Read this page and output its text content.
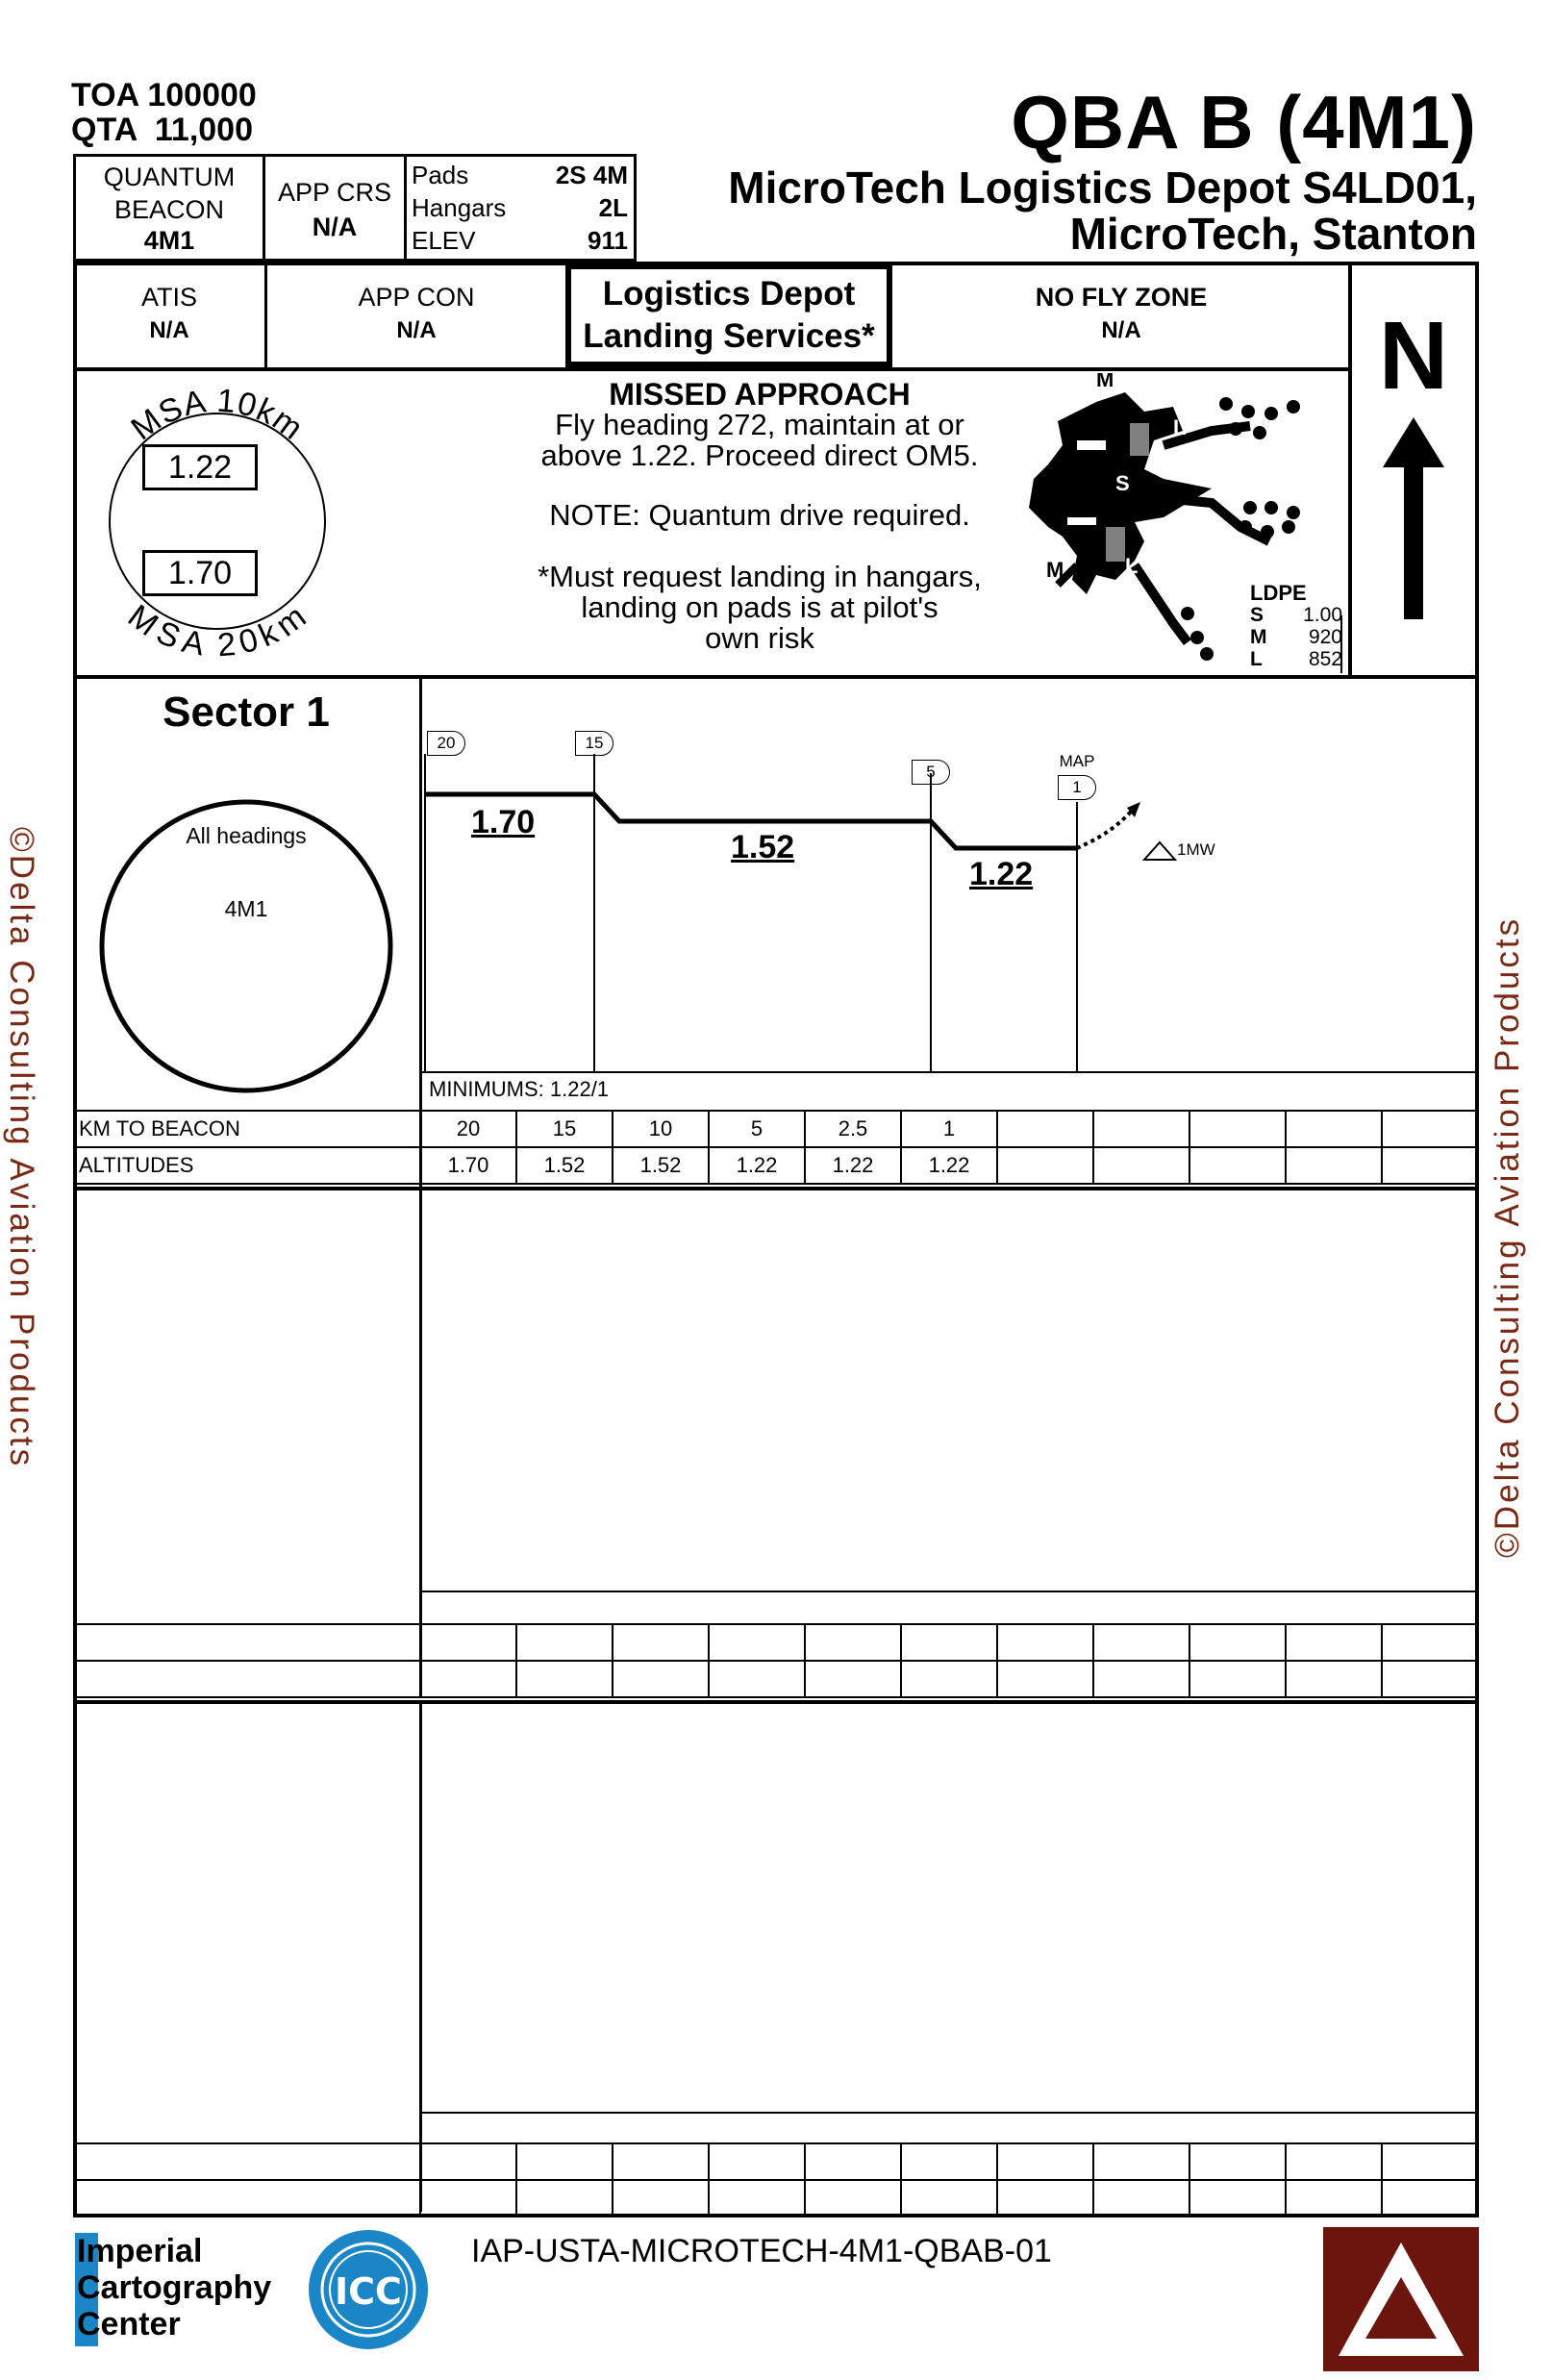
©Delta Consulting Aviation Products	©Delta Consulting Aviation Products
TOA 100000
QTA  11,000	QBA B (4M1)
MicroTech Logistics Depot S4LD01,
MicroTech, Stanton
QUANTUM BEACON
4M1
APP CRS
N/A
Pads	2S 4M
Hangars	2L
ELEV	911
ATIS
N/A
APP CON
N/A
Logistics Depot
Landing Services*
NO FLY ZONE
N/A	N
MSA 10km
MSA 20km
1.22
1.70
MISSED APPROACH
Fly heading 272, maintain at or
above 1.22. Proceed direct OM5.
NOTE: Quantum drive required.
*Must request landing in hangars,
landing on pads is at pilot's
own risk
M
L
S
M	L
LDPE
S 1.00
M 920
L 852
Sector 1
All headings
4M1
20	15
5
MAP
1
1.70
1.52
1.22
1MW
MINIMUMS: 1.22/1
KM TO BEACON	20	15	10	5	2.5	1					
ALTITUDES	1.70	1.52	1.52	1.22	1.22	1.22					

Imperial
Cartography
Center
ICC
IAP-USTA-MICROTECH-4M1-QBAB-01
